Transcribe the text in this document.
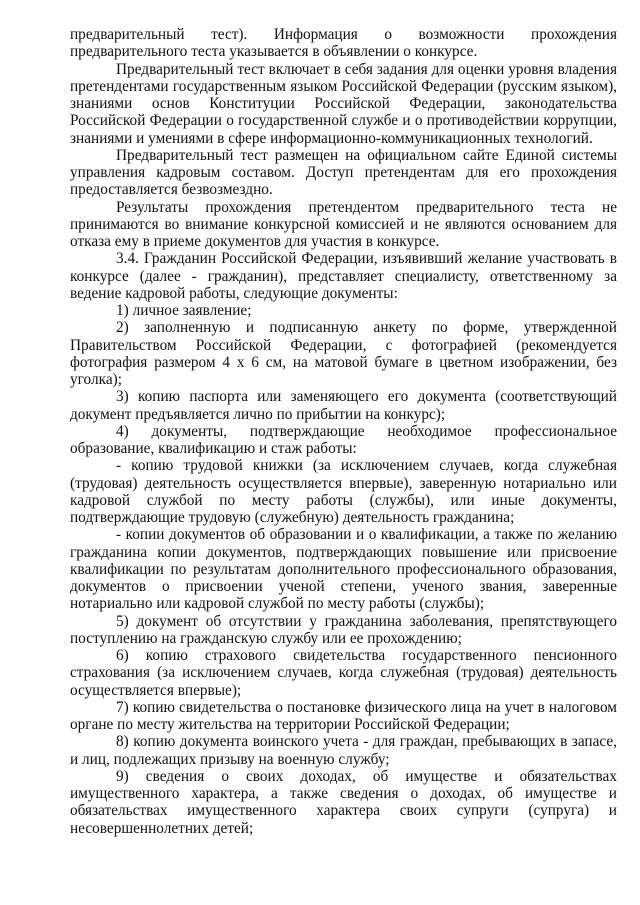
предварительный тест). Информация о возможности прохождения предварительного теста указывается в объявлении о конкурсе.

Предварительный тест включает в себя задания для оценки уровня владения претендентами государственным языком Российской Федерации (русским языком), знаниями основ Конституции Российской Федерации, законодательства Российской Федерации о государственной службе и о противодействии коррупции, знаниями и умениями в сфере информационно-коммуникационных технологий.

Предварительный тест размещен на официальном сайте Единой системы управления кадровым составом. Доступ претендентам для его прохождения предоставляется безвозмездно.

Результаты прохождения претендентом предварительного теста не принимаются во внимание конкурсной комиссией и не являются основанием для отказа ему в приеме документов для участия в конкурсе.

3.4. Гражданин Российской Федерации, изъявивший желание участвовать в конкурсе (далее - гражданин), представляет специалисту, ответственному за ведение кадровой работы, следующие документы:

1) личное заявление;

2) заполненную и подписанную анкету по форме, утвержденной Правительством Российской Федерации, с фотографией (рекомендуется фотография размером 4 х 6 см, на матовой бумаге в цветном изображении, без уголка);

3) копию паспорта или заменяющего его документа (соответствующий документ предъявляется лично по прибытии на конкурс);

4) документы, подтверждающие необходимое профессиональное образование, квалификацию и стаж работы:

- копию трудовой книжки (за исключением случаев, когда служебная (трудовая) деятельность осуществляется впервые), заверенную нотариально или кадровой службой по месту работы (службы), или иные документы, подтверждающие трудовую (служебную) деятельность гражданина;

- копии документов об образовании и о квалификации, а также по желанию гражданина копии документов, подтверждающих повышение или присвоение квалификации по результатам дополнительного профессионального образования, документов о присвоении ученой степени, ученого звания, заверенные нотариально или кадровой службой по месту работы (службы);

5) документ об отсутствии у гражданина заболевания, препятствующего поступлению на гражданскую службу или ее прохождению;

6) копию страхового свидетельства государственного пенсионного страхования (за исключением случаев, когда служебная (трудовая) деятельность осуществляется впервые);

7) копию свидетельства о постановке физического лица на учет в налоговом органе по месту жительства на территории Российской Федерации;

8) копию документа воинского учета - для граждан, пребывающих в запасе, и лиц, подлежащих призыву на военную службу;

9) сведения о своих доходах, об имуществе и обязательствах имущественного характера, а также сведения о доходах, об имуществе и обязательствах имущественного характера своих супруги (супруга) и несовершеннолетних детей;
